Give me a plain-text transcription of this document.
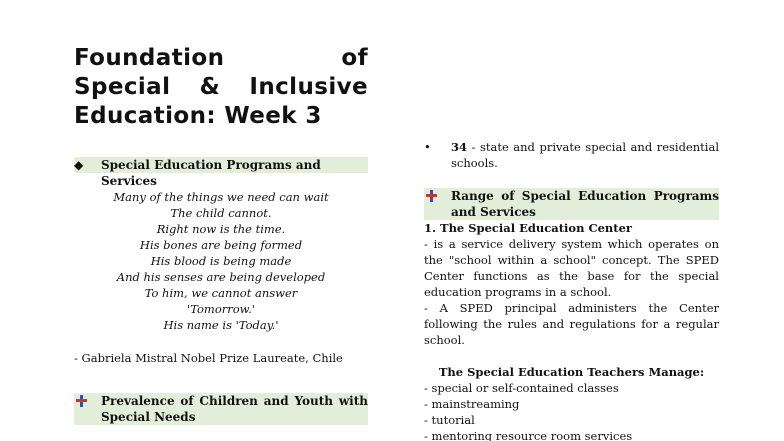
Foundation of
Special & Inclusive
Education: Week 3
◆	Special Education Programs and Services
Many of the things we need can wait
The child cannot.
Right now is the time.
His bones are being formed
His blood is being made
And his senses are being developed
To him, we cannot answer
'Tomorrow.'
His name is 'Today.'
- Gabriela Mistral Nobel Prize Laureate, Chile
Prevalence of Children and Youth with Special Needs
•	34 - state and private special and residential schools.
Range of Special Education Programs and Services
1. The Special Education Center
- is a service delivery system which operates on the "school within a school" concept. The SPED Center functions as the base for the special education programs in a school.
- A SPED principal administers the Center following the rules and regulations for a regular school.
The Special Education Teachers Manage:
- special or self-contained classes
- mainstreaming
- tutorial
- mentoring resource room services
